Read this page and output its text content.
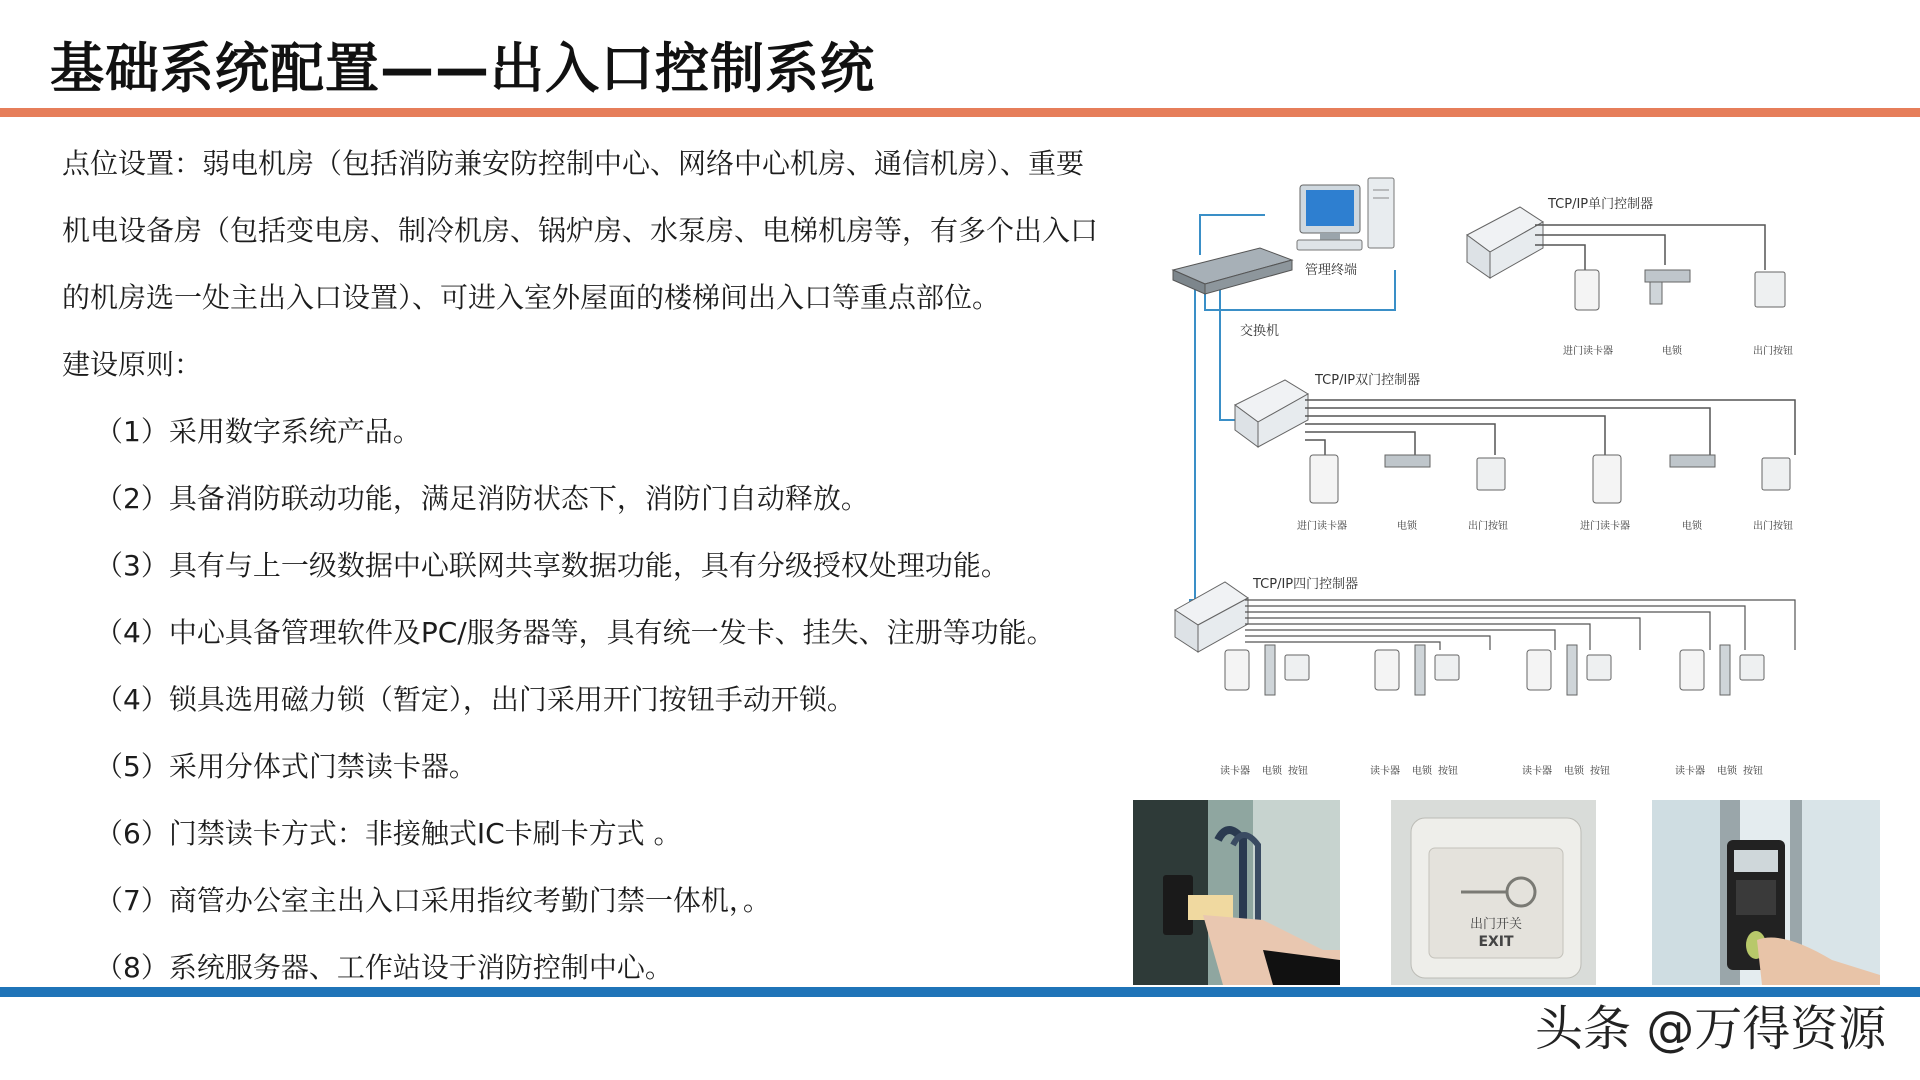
基础系统配置——出入口控制系统
点位设置：弱电机房（包括消防兼安防控制中心、网络中心机房、通信机房）、重要
机电设备房（包括变电房、制冷机房、锅炉房、水泵房、电梯机房等，有多个出入口
的机房选一处主出入口设置）、可进入室外屋面的楼梯间出入口等重点部位。
建设原则：
（1）采用数字系统产品。
（2）具备消防联动功能，满足消防状态下，消防门自动释放。
（3）具有与上一级数据中心联网共享数据功能，具有分级授权处理功能。
（4）中心具备管理软件及PC/服务器等，具有统一发卡、挂失、注册等功能。
（4）锁具选用磁力锁（暂定），出门采用开门按钮手动开锁。
（5）采用分体式门禁读卡器。
（6）门禁读卡方式：非接触式IC卡刷卡方式 。
（7）商管办公室主出入口采用指纹考勤门禁一体机，。
（8）系统服务器、工作站设于消防控制中心。
管理终端
交换机
TCP/IP单门控制器
进门读卡器	电锁	出门按钮
TCP/IP双门控制器
进门读卡器	电锁	出门按钮	进门读卡器	电锁	出门按钮
TCP/IP四门控制器
读卡器 电锁 按钮	读卡器 电锁 按钮	读卡器 电锁 按钮	读卡器 电锁 按钮
出门开关
EXIT
头条 @万得资源
